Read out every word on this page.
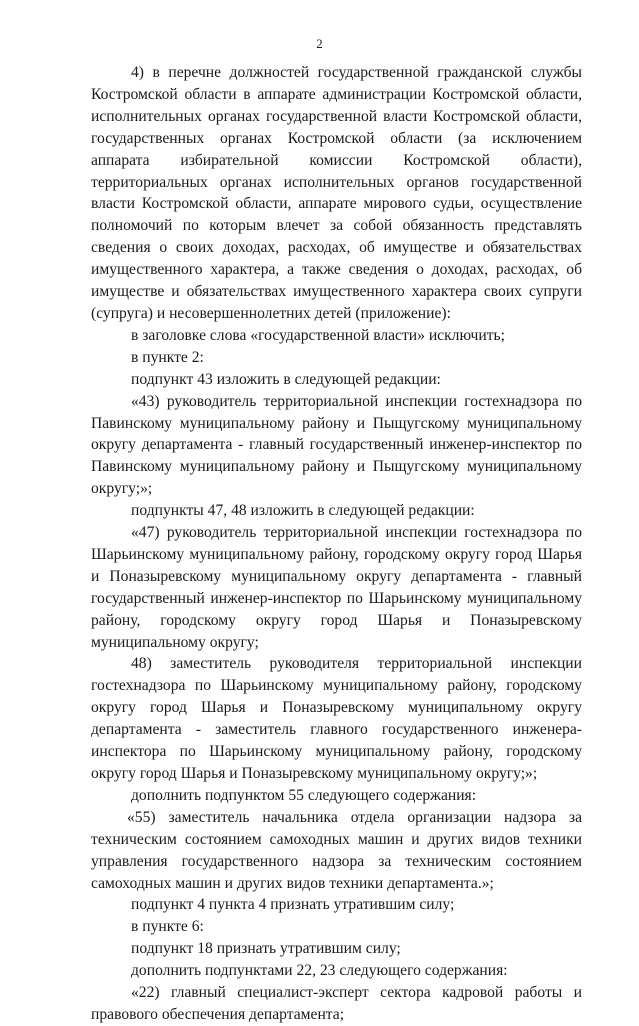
2

4) в перечне должностей государственной гражданской службы Костромской области в аппарате администрации Костромской области, исполнительных органах государственной власти Костромской области, государственных органах Костромской области (за исключением аппарата избирательной комиссии Костромской области), территориальных органах исполнительных органов государственной власти Костромской области, аппарате мирового судьи, осуществление полномочий по которым влечет за собой обязанность представлять сведения о своих доходах, расходах, об имуществе и обязательствах имущественного характера, а также сведения о доходах, расходах, об имуществе и обязательствах имущественного характера своих супруги (супруга) и несовершеннолетних детей (приложение):

в заголовке слова «государственной власти» исключить;

в пункте 2:

подпункт 43 изложить в следующей редакции:

«43) руководитель территориальной инспекции гостехнадзора по Павинскому муниципальному району и Пыщугскому муниципальному округу департамента - главный государственный инженер-инспектор по Павинскому муниципальному району и Пыщугскому муниципальному округу;»;

подпункты 47, 48 изложить в следующей редакции:

«47) руководитель территориальной инспекции гостехнадзора по Шарьинскому муниципальному району, городскому округу город Шарья и Поназыревскому муниципальному округу департамента - главный государственный инженер-инспектор по Шарьинскому муниципальному району, городскому округу город Шарья и Поназыревскому муниципальному округу;

48) заместитель руководителя территориальной инспекции гостехнадзора по Шарьинскому муниципальному району, городскому округу город Шарья и Поназыревскому муниципальному округу департамента - заместитель главного государственного инженера-инспектора по Шарьинскому муниципальному району, городскому округу город Шарья и Поназыревскому муниципальному округу;»;

дополнить подпунктом 55 следующего содержания:

«55) заместитель начальника отдела организации надзора за техническим состоянием самоходных машин и других видов техники управления государственного надзора за техническим состоянием самоходных машин и других видов техники департамента.»;

подпункт 4 пункта 4 признать утратившим силу;

в пункте 6:

подпункт 18 признать утратившим силу;

дополнить подпунктами 22, 23 следующего содержания:

«22) главный специалист-эксперт сектора кадровой работы и правового обеспечения департамента;
